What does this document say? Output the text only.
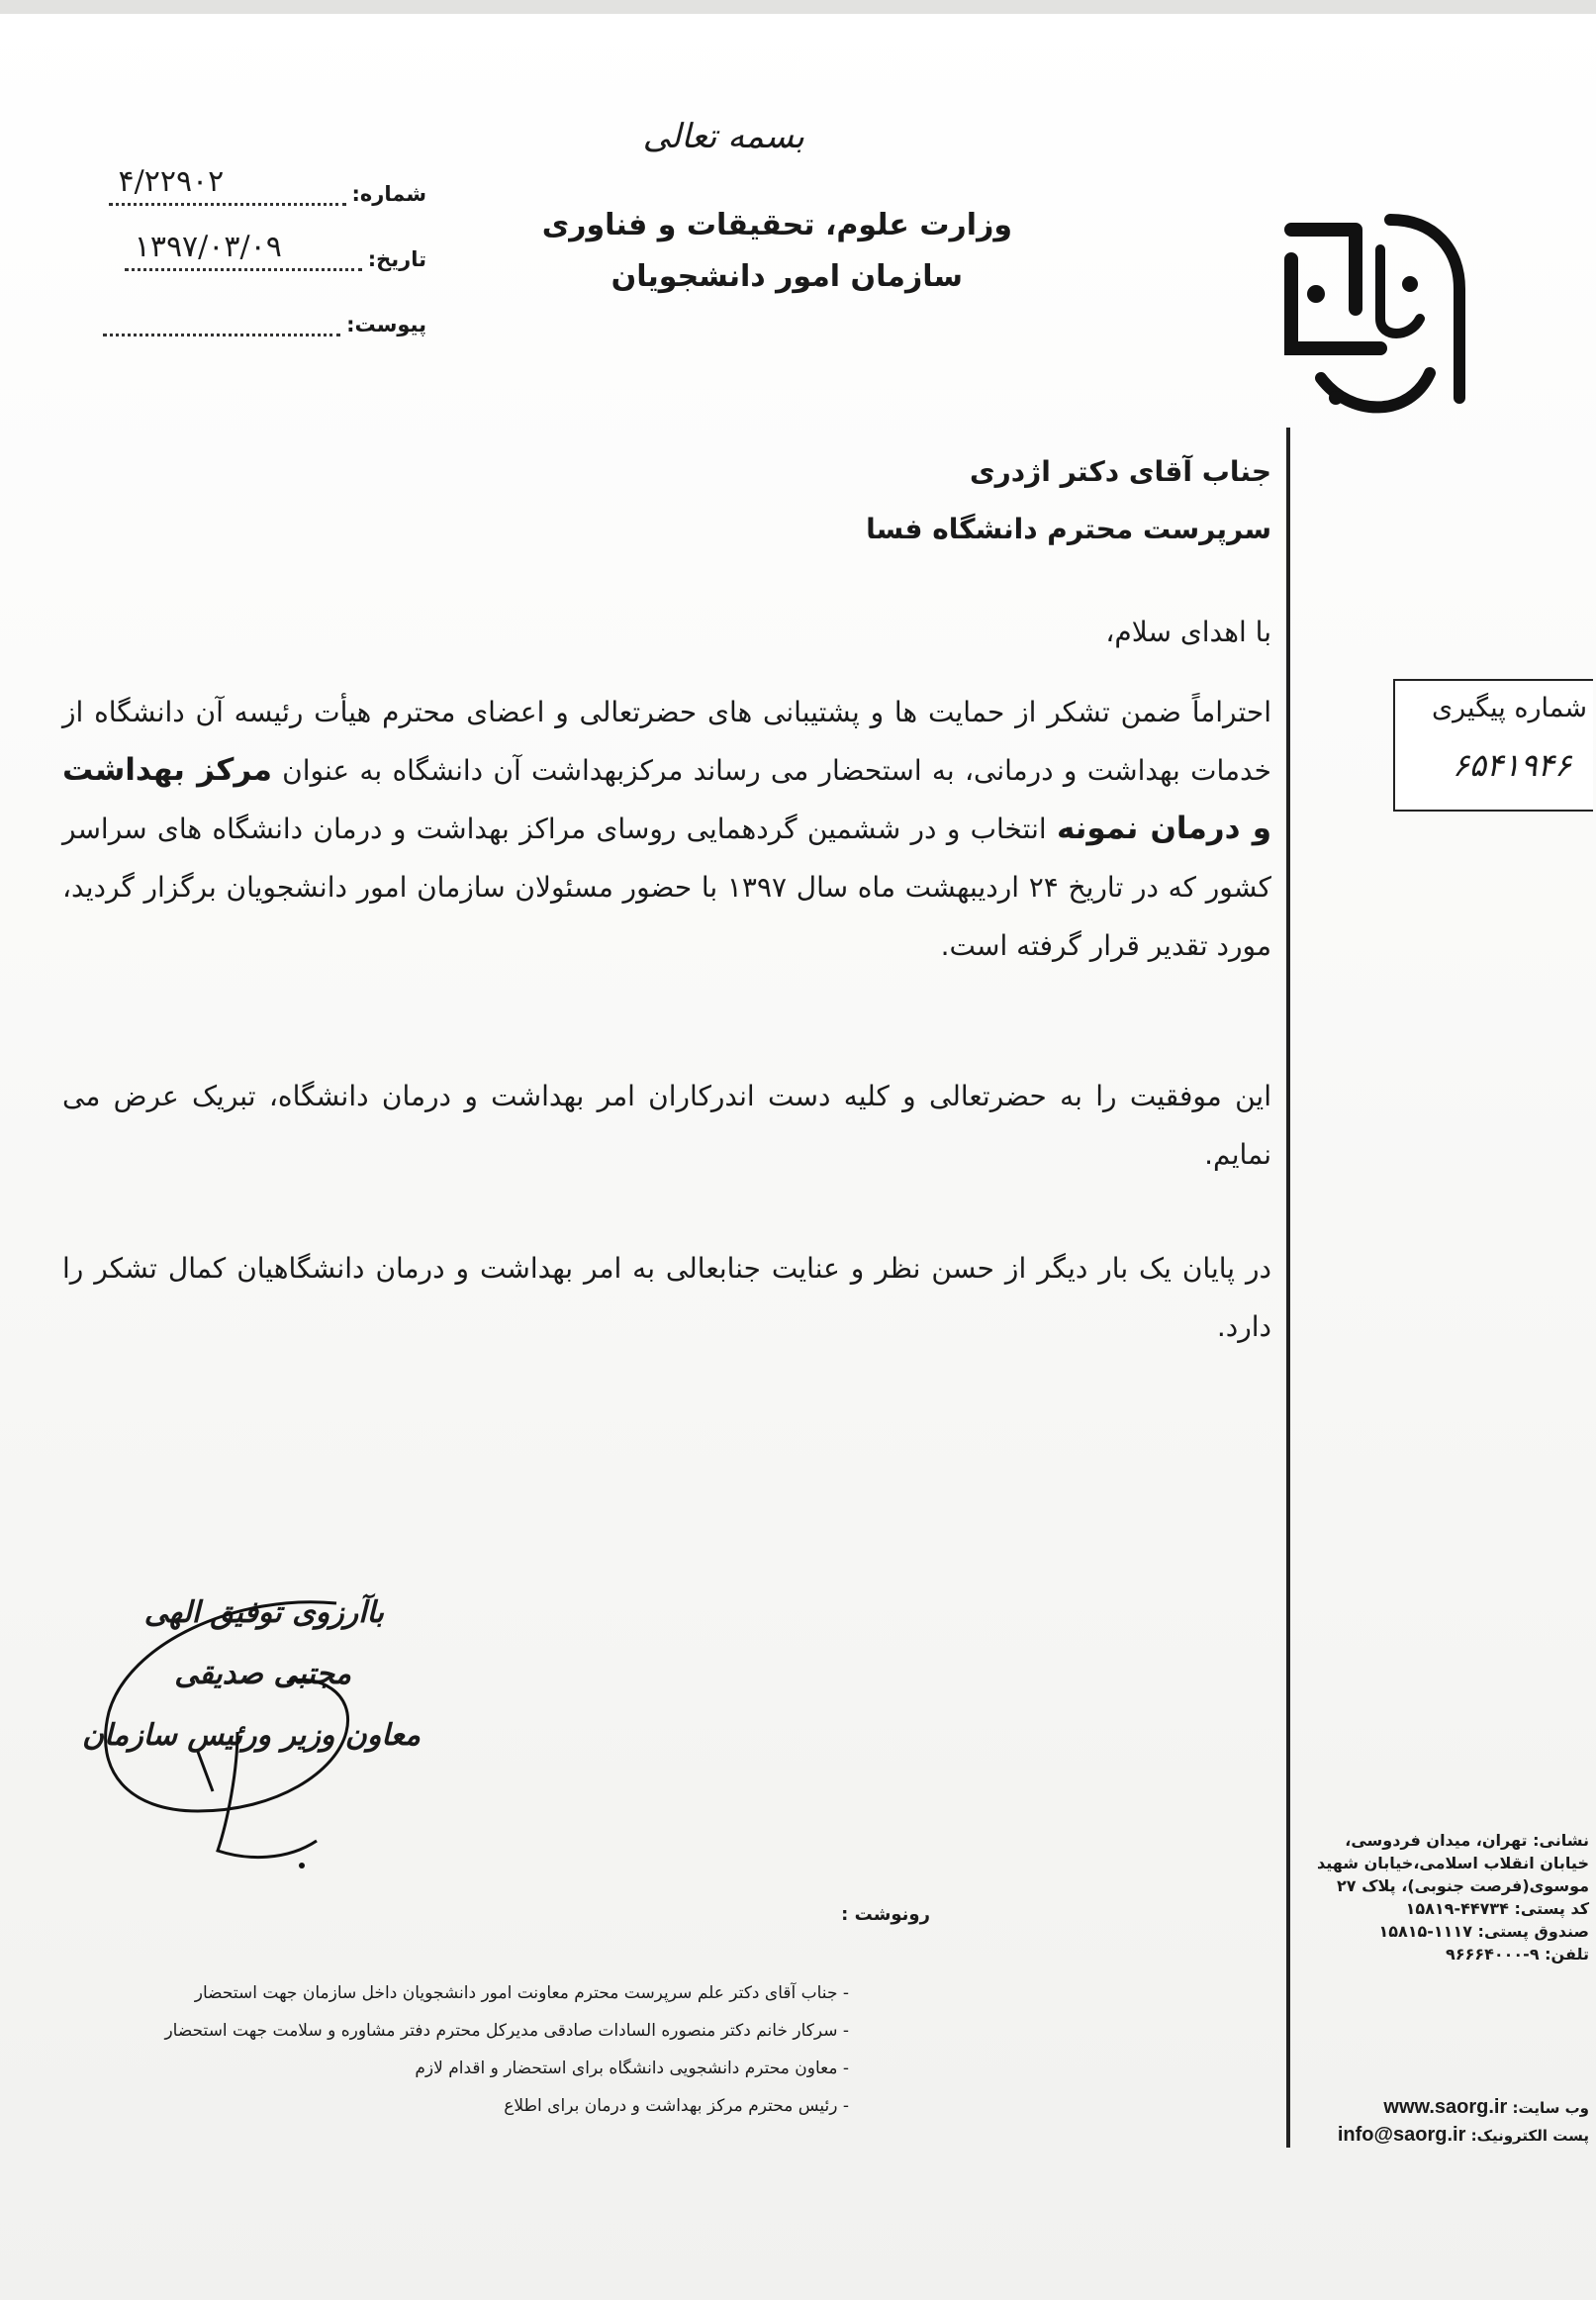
بسمه تعالی
وزارت علوم، تحقیقات و فناوری
سازمان امور دانشجویان
شماره:
۴/۲۲۹۰۲
تاریخ:
۱۳۹۷/۰۳/۰۹
پیوست:
جناب آقای دکتر اژدری
سرپرست محترم دانشگاه فسا
با اهدای سلام،
احتراماً ضمن تشکر از حمایت ها و پشتیبانی های حضرتعالی و اعضای محترم هیأت رئیسه آن دانشگاه از خدمات بهداشت و درمانی، به استحضار می رساند مرکزبهداشت آن دانشگاه به عنوان مرکز بهداشت و درمان نمونه انتخاب و در ششمین گردهمایی روسای مراکز بهداشت و درمان دانشگاه های سراسر کشور که در تاریخ ۲۴ اردیبهشت ماه سال ۱۳۹۷ با حضور مسئولان سازمان امور دانشجویان برگزار گردید، مورد تقدیر قرار گرفته است.
این موفقیت را به حضرتعالی و کلیه دست اندرکاران امر بهداشت و درمان دانشگاه، تبریک عرض می نمایم.
در پایان یک بار دیگر از حسن نظر و عنایت جنابعالی به امر بهداشت و درمان دانشگاهیان کمال تشکر را دارد.
شماره پیگیری
۶۵۴۱۹۴۶
باآرزوی توفیق الهی
مجتبی صدیقی
معاون وزیر ورئیس سازمان
رونوشت :
- جناب آقای دکتر علم سرپرست محترم معاونت امور دانشجویان داخل سازمان جهت استحضار
- سرکار خانم دکتر منصوره السادات صادقی مدیرکل محترم دفتر مشاوره و سلامت جهت استحضار
- معاون محترم دانشجویی دانشگاه برای استحضار و اقدام لازم
- رئیس محترم مرکز بهداشت و درمان برای اطلاع
نشانی: تهران، میدان فردوسی،
خیابان انقلاب اسلامی،خیابان شهید
موسوی(فرصت جنوبی)، پلاک ۲۷
کد پستی: ۴۴۷۳۴-۱۵۸۱۹
صندوق پستی: ۱۱۱۷-۱۵۸۱۵
تلفن: ۹-۹۶۶۶۴۰۰۰
وب سایت: www.saorg.ir
پست الکترونیک: info@saorg.ir
